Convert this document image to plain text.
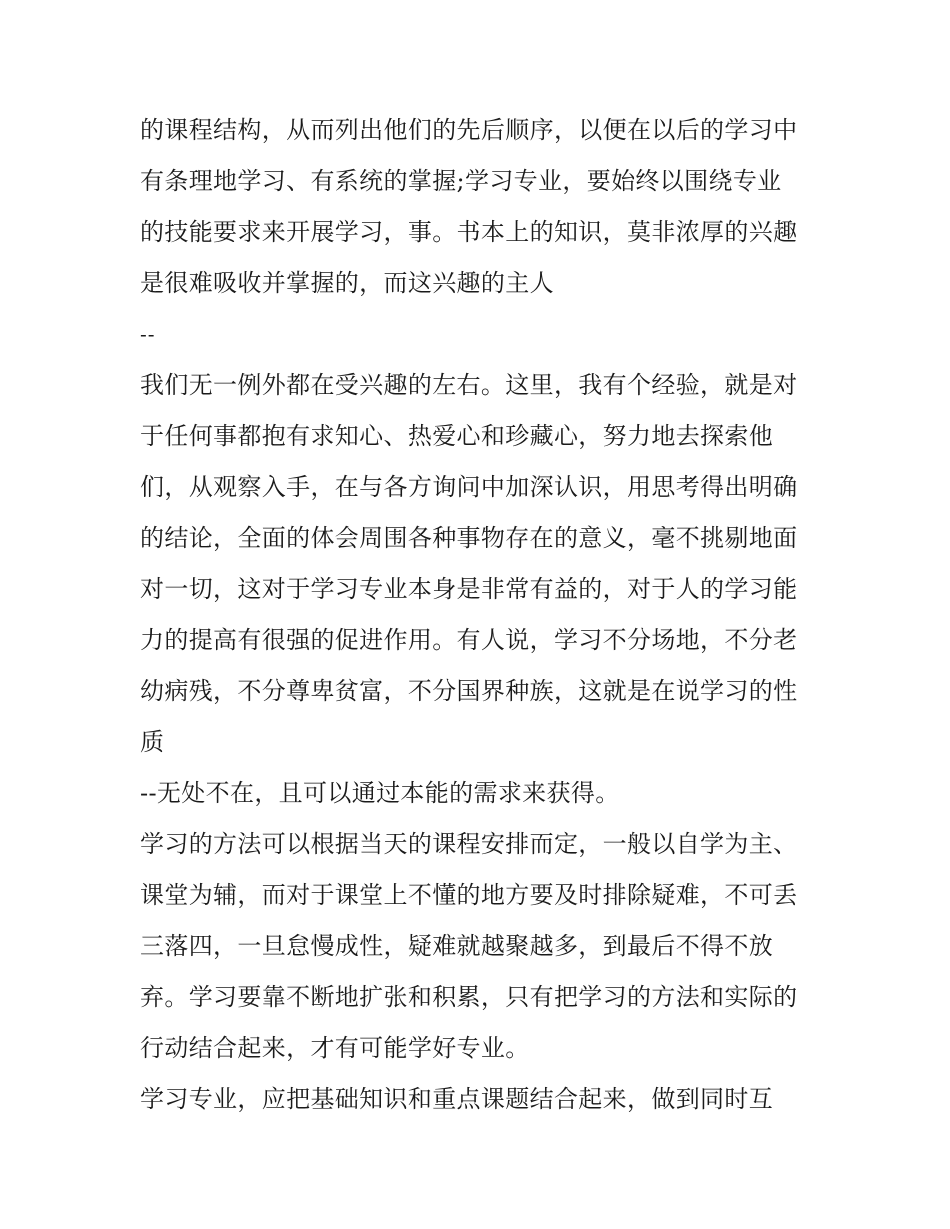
的课程结构，从而列出他们的先后顺序，以便在以后的学习中
有条理地学习、有系统的掌握;学习专业，要始终以围绕专业
的技能要求来开展学习，事。书本上的知识，莫非浓厚的兴趣
是很难吸收并掌握的，而这兴趣的主人
--
我们无一例外都在受兴趣的左右。这里，我有个经验，就是对
于任何事都抱有求知心、热爱心和珍藏心，努力地去探索他
们，从观察入手，在与各方询问中加深认识，用思考得出明确
的结论，全面的体会周围各种事物存在的意义，毫不挑剔地面
对一切，这对于学习专业本身是非常有益的，对于人的学习能
力的提高有很强的促进作用。有人说，学习不分场地，不分老
幼病残，不分尊卑贫富，不分国界种族，这就是在说学习的性
质
--无处不在，且可以通过本能的需求来获得。
学习的方法可以根据当天的课程安排而定，一般以自学为主、
课堂为辅，而对于课堂上不懂的地方要及时排除疑难，不可丢
三落四，一旦怠慢成性，疑难就越聚越多，到最后不得不放
弃。学习要靠不断地扩张和积累，只有把学习的方法和实际的
行动结合起来，才有可能学好专业。
学习专业，应把基础知识和重点课题结合起来，做到同时互
